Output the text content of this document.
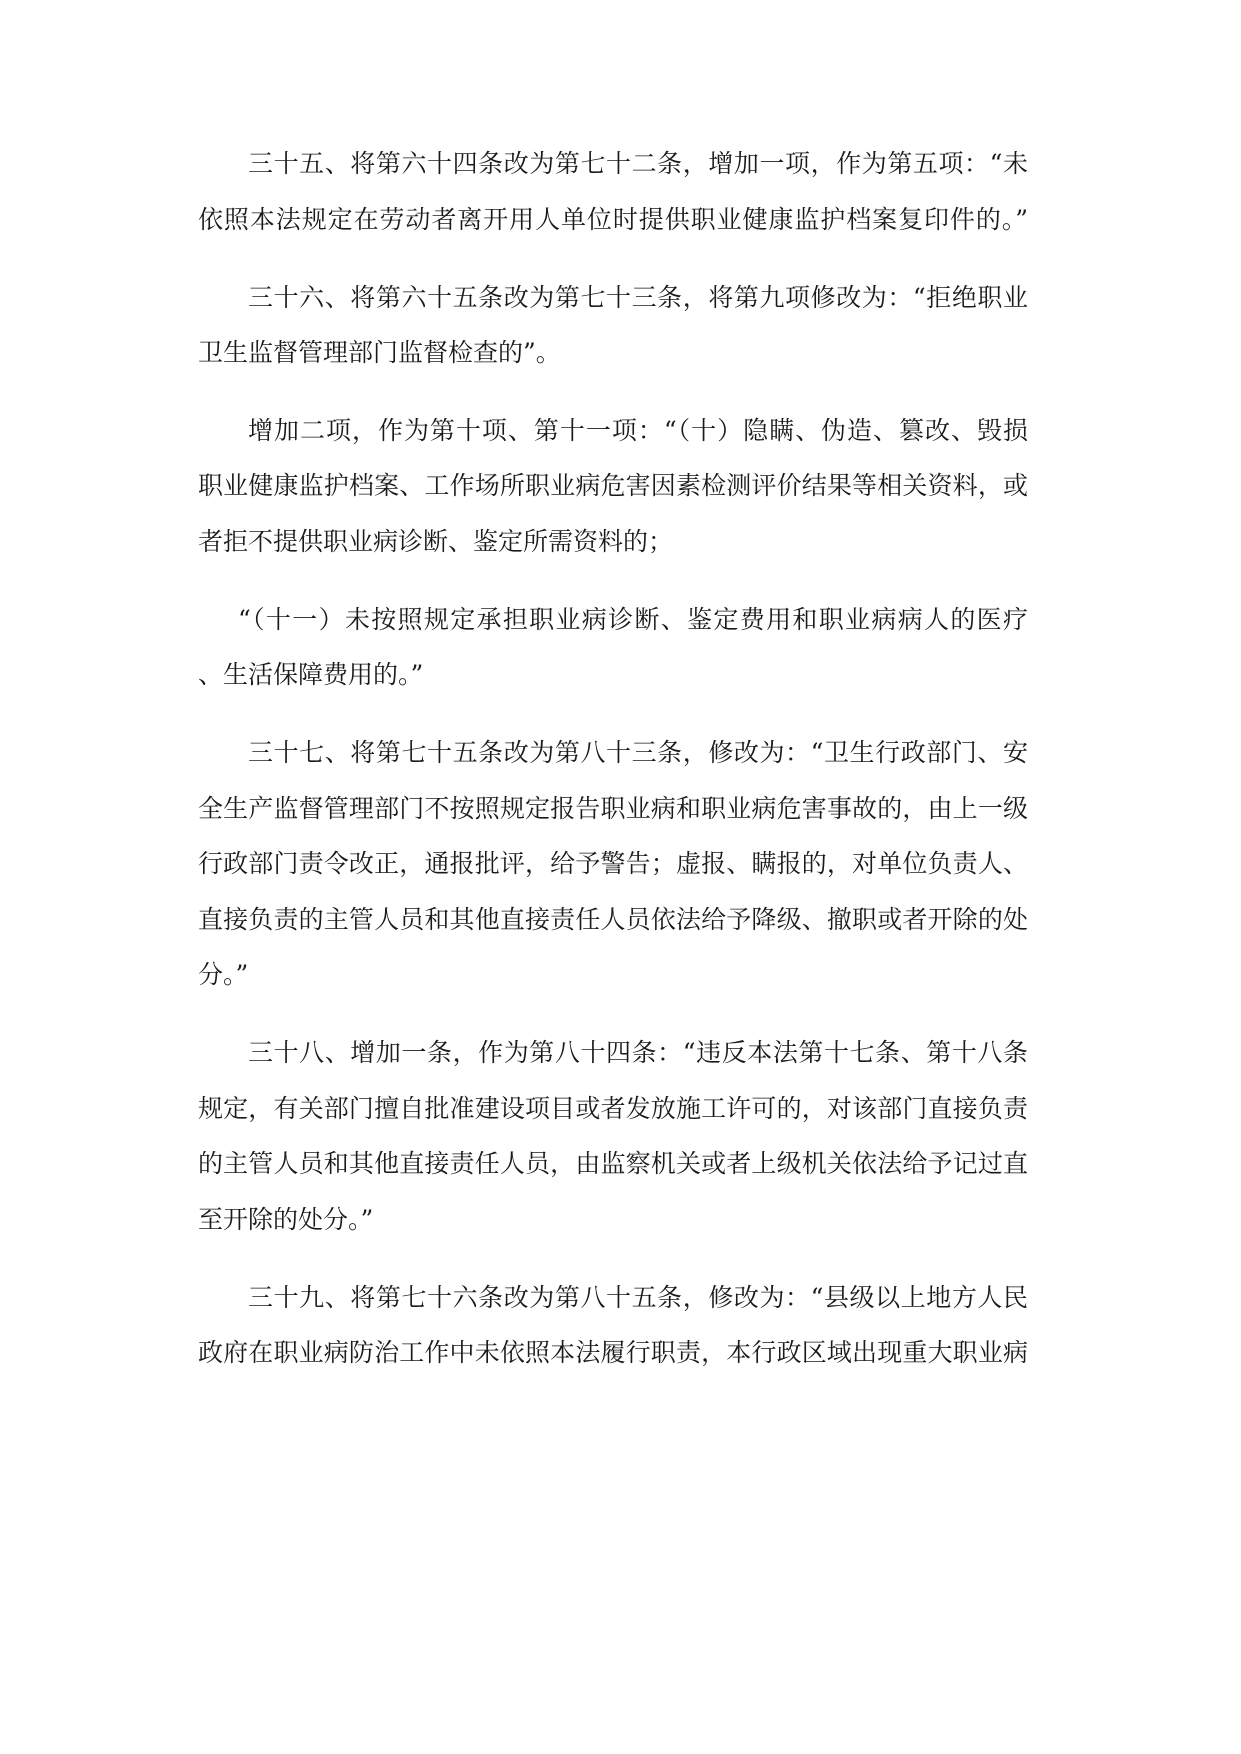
三十五、将第六十四条改为第七十二条，增加一项，作为第五项：“未
依照本法规定在劳动者离开用人单位时提供职业健康监护档案复印件的。”
三十六、将第六十五条改为第七十三条，将第九项修改为：“拒绝职业
卫生监督管理部门监督检查的”。
增加二项，作为第十项、第十一项：“（十）隐瞒、伪造、篡改、毁损
职业健康监护档案、工作场所职业病危害因素检测评价结果等相关资料，或
者拒不提供职业病诊断、鉴定所需资料的；
“（十一）未按照规定承担职业病诊断、鉴定费用和职业病病人的医疗
、生活保障费用的。”
三十七、将第七十五条改为第八十三条，修改为：“卫生行政部门、安
全生产监督管理部门不按照规定报告职业病和职业病危害事故的，由上一级
行政部门责令改正，通报批评，给予警告；虚报、瞒报的，对单位负责人、
直接负责的主管人员和其他直接责任人员依法给予降级、撤职或者开除的处
分。”
三十八、增加一条，作为第八十四条：“违反本法第十七条、第十八条
规定，有关部门擅自批准建设项目或者发放施工许可的，对该部门直接负责
的主管人员和其他直接责任人员，由监察机关或者上级机关依法给予记过直
至开除的处分。”
三十九、将第七十六条改为第八十五条，修改为：“县级以上地方人民
政府在职业病防治工作中未依照本法履行职责，本行政区域出现重大职业病
